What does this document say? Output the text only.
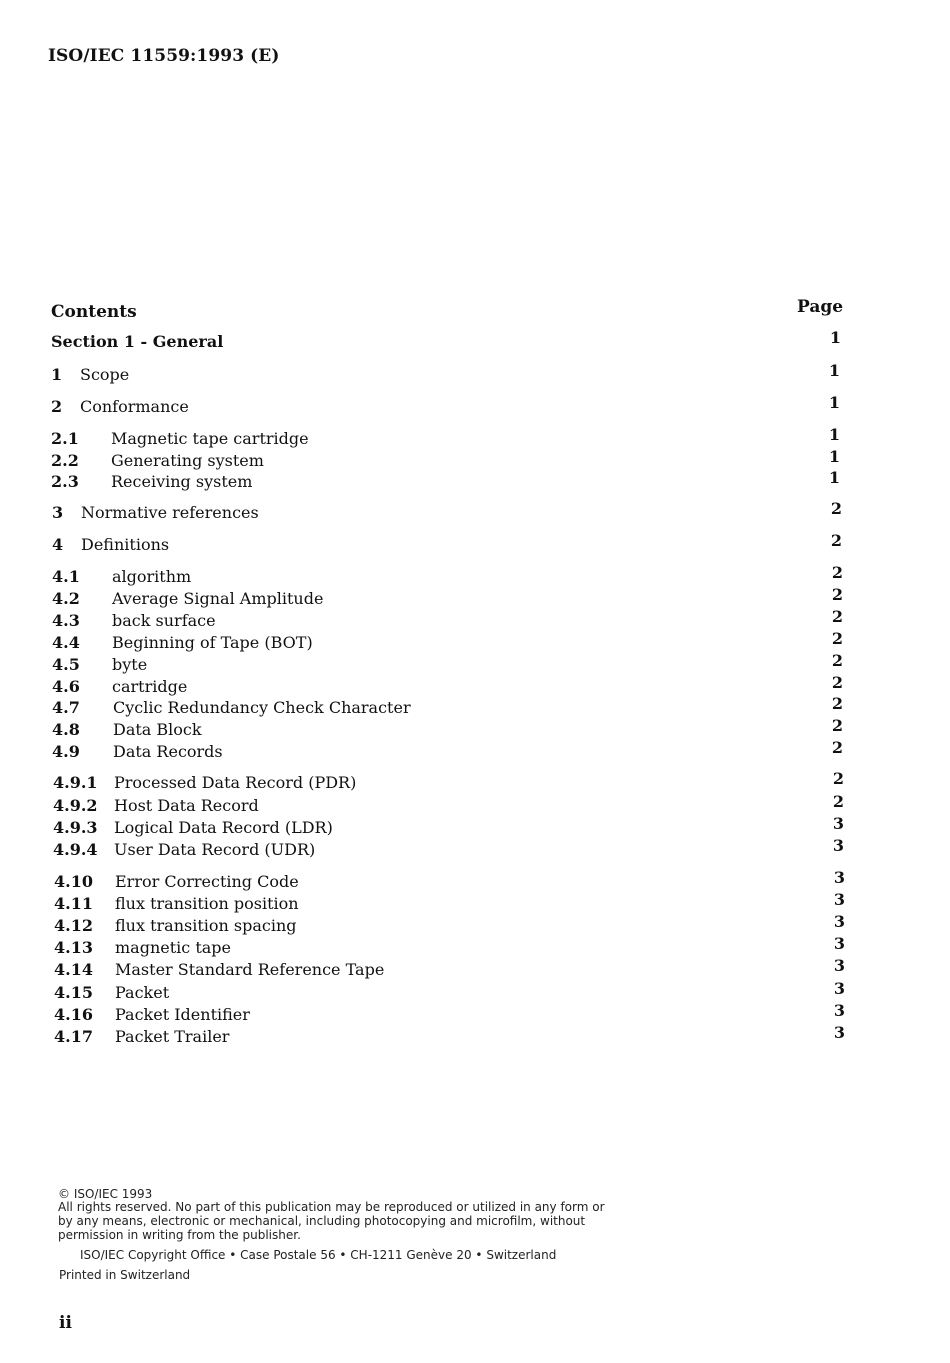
ISO/IEC 11559:1993 (E)
Contents	Page
Section 1 - General	1
1 Scope	1
2 Conformance	1
2.1 Magnetic tape cartridge	1
2.2 Generating system	1
2.3 Receiving system	1
3 Normative references	2
4 Definitions	2
4.1 algorithm	2
4.2 Average Signal Amplitude	2
4.3 back surface	2
4.4 Beginning of Tape (BOT)	2
4.5 byte	2
4.6 cartridge	2
4.7 Cyclic Redundancy Check Character	2
4.8 Data Block	2
4.9 Data Records	2
4.9.1 Processed Data Record (PDR)	2
4.9.2 Host Data Record	2
4.9.3 Logical Data Record (LDR)	3
4.9.4 User Data Record (UDR)	3
4.10 Error Correcting Code	3
4.11 flux transition position	3
4.12 flux transition spacing	3
4.13 magnetic tape	3
4.14 Master Standard Reference Tape	3
4.15 Packet	3
4.16 Packet Identifier	3
4.17 Packet Trailer	3
© ISO/IEC 1993
All rights reserved. No part of this publication may be reproduced or utilized in any form or by any means, electronic or mechanical, including photocopying and microfilm, without permission in writing from the publisher.
ISO/IEC Copyright Office • Case Postale 56 • CH-1211 Genève 20 • Switzerland
Printed in Switzerland
ii
